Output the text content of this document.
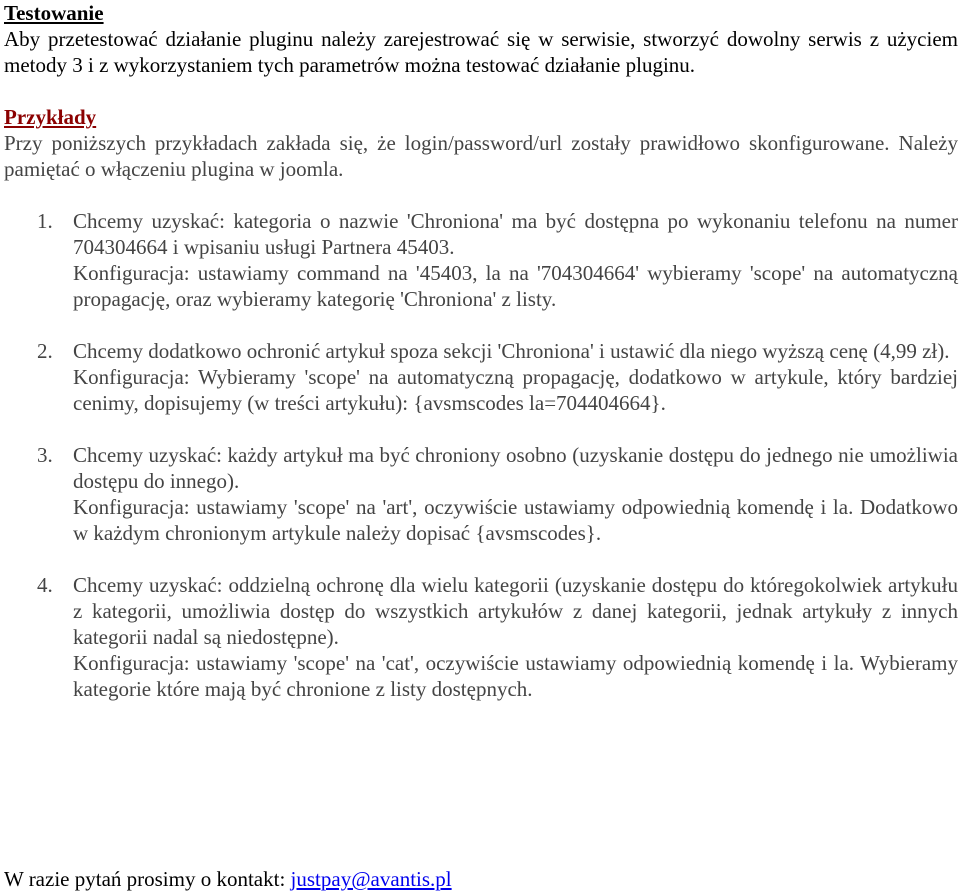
Testowanie

Aby przetestować działanie pluginu należy zarejestrować się w serwisie, stworzyć dowolny serwis z użyciem metody 3 i z wykorzystaniem tych parametrów można testować działanie pluginu.

Przykłady

Przy poniższych przykładach zakłada się, że login/password/url zostały prawidłowo skonfigurowane. Należy pamiętać o włączeniu plugina w joomla.

1. Chcemy uzyskać: kategoria o nazwie 'Chroniona' ma być dostępna po wykonaniu telefonu na numer 704304664 i wpisaniu usługi Partnera 45403.
Konfiguracja: ustawiamy command na '45403, la na '704304664' wybieramy 'scope' na automatyczną propagację, oraz wybieramy kategorię 'Chroniona' z listy.
2. Chcemy dodatkowo ochronić artykuł spoza sekcji 'Chroniona' i ustawić dla niego wyższą cenę (4,99 zł).
Konfiguracja: Wybieramy 'scope' na automatyczną propagację, dodatkowo w artykule, który bardziej cenimy, dopisujemy (w treści artykułu): {avsmscodes la=704404664}.
3. Chcemy uzyskać: każdy artykuł ma być chroniony osobno (uzyskanie dostępu do jednego nie umożliwia dostępu do innego).
Konfiguracja: ustawiamy 'scope' na 'art', oczywiście ustawiamy odpowiednią komendę i la. Dodatkowo w każdym chronionym artykule należy dopisać {avsmscodes}.
4. Chcemy uzyskać: oddzielną ochronę dla wielu kategorii (uzyskanie dostępu do któregokolwiek artykułu z kategorii, umożliwia dostęp do wszystkich artykułów z danej kategorii, jednak artykuły z innych kategorii nadal są niedostępne).
Konfiguracja: ustawiamy 'scope' na 'cat', oczywiście ustawiamy odpowiednią komendę i la. Wybieramy kategorie które mają być chronione z listy dostępnych.
W razie pytań prosimy o kontakt: justpay@avantis.pl
